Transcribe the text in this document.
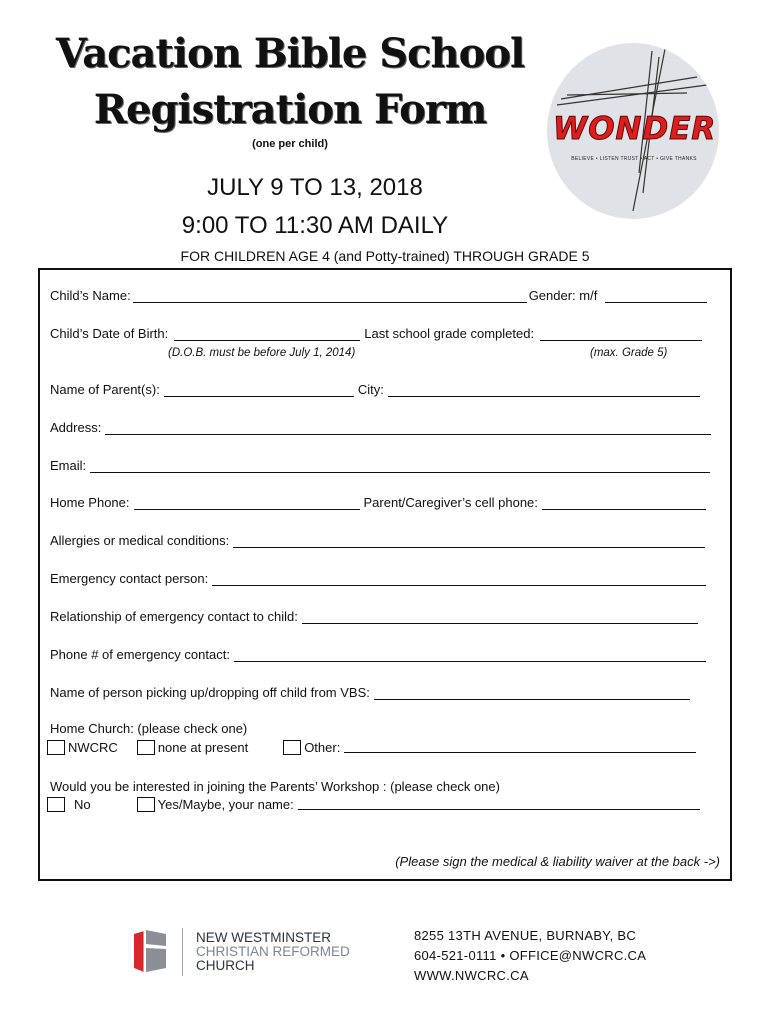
Vacation Bible School
Registration Form
(one per child)
JULY 9 TO 13, 2018
9:00 TO 11:30 AM DAILY
FOR CHILDREN AGE 4 (and Potty-trained) THROUGH GRADE 5
WONDER
BELIEVE • LISTEN TRUST • ACT • GIVE THANKS
Child’s Name:	Gender: m/f
Child’s Date of Birth:	Last school grade completed:
(D.O.B. must be before July 1, 2014)	(max. Grade 5)
Name of Parent(s):	City:
Address:
Email:
Home Phone:	Parent/Caregiver’s cell phone:
Allergies or medical conditions:
Emergency contact person:
Relationship of emergency contact to child:
Phone # of emergency contact:
Name of person picking up/dropping off child from VBS:
Home Church: (please check one)
NWCRC	none at present	Other:
Would you be interested in joining the Parents’ Workshop : (please check one)
No	Yes/Maybe, your name:
(Please sign the medical & liability waiver at the back ->)
NEW WESTMINSTER
CHRISTIAN REFORMED
CHURCH
8255 13TH AVENUE, BURNABY, BC
604-521-0111 • OFFICE@NWCRC.CA
WWW.NWCRC.CA
